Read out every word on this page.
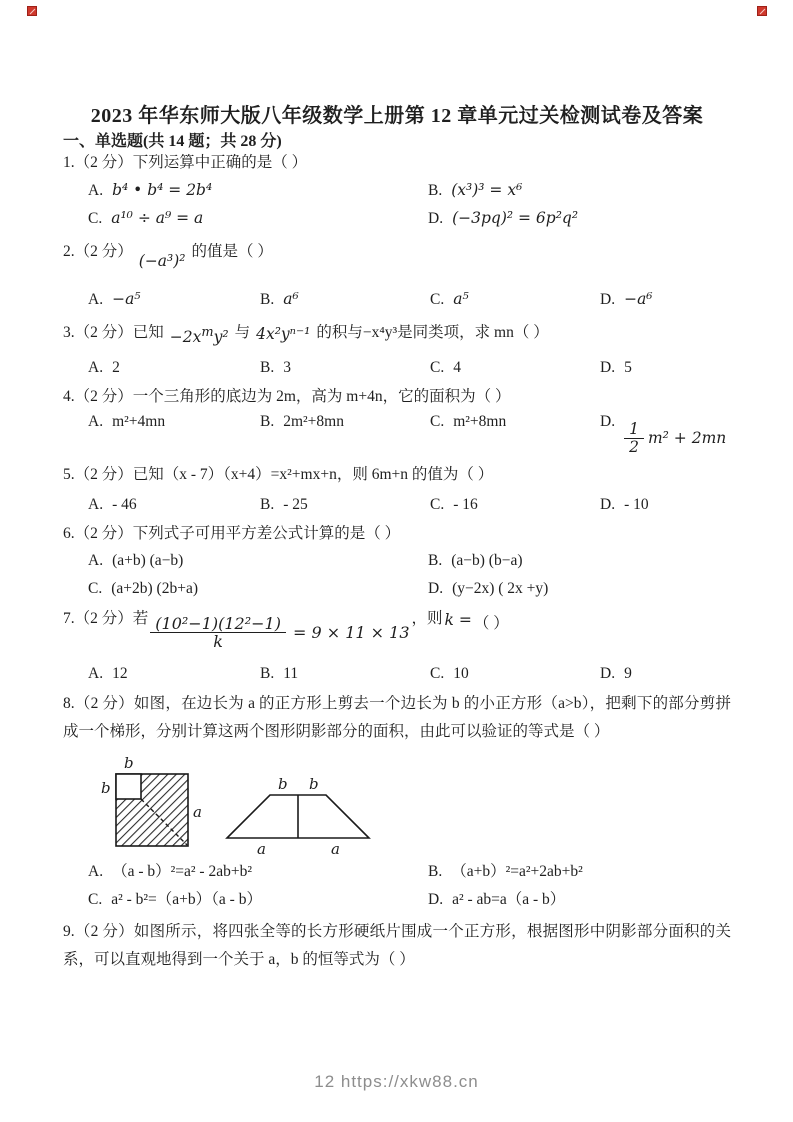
2023 年华东师大版八年级数学上册第 12 章单元过关检测试卷及答案
一、单选题(共 14 题；共 28 分)
1.（2 分）下列运算中正确的是（ ）
A. b⁴ • b⁴ = 2b⁴	B. (x³)³ = x⁶
C. a¹⁰ ÷ a⁹ = a	D. (−3pq)² = 6p²q²
2.（2 分）
(−a³)²
的值是（ ）
A. −a⁵	B. a⁶	C. a⁵	D. −a⁶
3.（2 分）已知 $-2x^my^2$ 与 4x²yⁿ⁻¹ 的积与−x⁴y³是同类项，求 mn（ ）
A. 2	B. 3	C. 4	D. 5
4.（2 分）一个三角形的底边为 2m，高为 m+4n，它的面积为（ ）
A. m²+4mn	B. 2m²+8mn	C. m²+8mn	D. $\frac{1}{2} m^2 + 2mn$
5.（2 分）已知（x - 7）（x+4）=x²+mx+n，则 6m+n 的值为（ ）
A. - 46	B. - 25	C. - 16	D. - 10
6.（2 分）下列式子可用平方差公式计算的是（ ）
A. (a+b) (a−b)	B. (a−b) (b−a)
C. (a+2b) (2b+a)	D. (y−2x) ( 2x +y)
7.（2 分）若 $\frac{\text{(10²−1)(12²−1)}}{k} = 9 \times 11 \times 13$
，则 k = （ ）
A. 12	B. 11	C. 10	D. 9
8.（2 分）如图，在边长为 a 的正方形上剪去一个边长为 b 的小正方形（a>b），把剩下的部分剪拼成一个梯形，分别计算这两个图形阴影部分的面积，由此可以验证的等式是（ ）
b
b
a
b b
a	a
A. （a - b）²=a² - 2ab+b²	B. （a+b）²=a²+2ab+b²
C. a² - b²=（a+b）（a - b）	D. a² - ab=a（a - b）
9.（2 分）如图所示，将四张全等的长方形硬纸片围成一个正方形，根据图形中阴影部分面积的关系，可以直观地得到一个关于 a，b 的恒等式为（ ）
12 https://xkw88.cn
